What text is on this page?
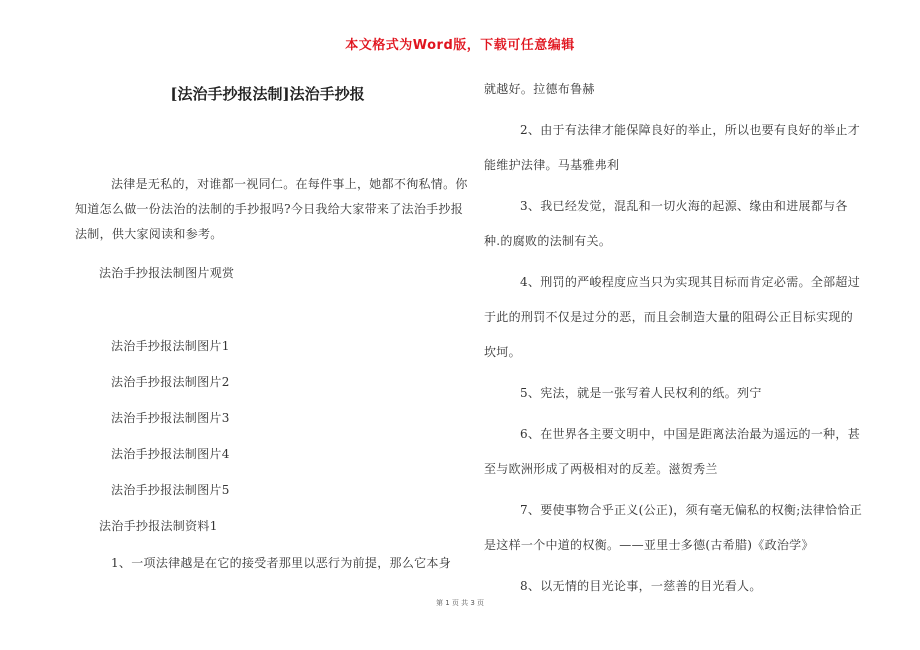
本文格式为Word版，下载可任意编辑
[法治手抄报法制]法治手抄报

法律是无私的，对谁都一视同仁。在每件事上，她都不徇私情。你知道怎么做一份法治的法制的手抄报吗?今日我给大家带来了法治手抄报法制，供大家阅读和参考。

法治手抄报法制图片观赏

法治手抄报法制图片1

法治手抄报法制图片2

法治手抄报法制图片3

法治手抄报法制图片4

法治手抄报法制图片5

法治手抄报法制资料1

1、一项法律越是在它的接受者那里以恶行为前提，那么它本身

就越好。拉德布鲁赫

2、由于有法律才能保障良好的举止，所以也要有良好的举止才能维护法律。马基雅弗利

3、我已经发觉，混乱和一切火海的起源、缘由和进展都与各种.的腐败的法制有关。

4、刑罚的严峻程度应当只为实现其目标而肯定必需。全部超过于此的刑罚不仅是过分的恶，而且会制造大量的阻碍公正目标实现的坎坷。

5、宪法，就是一张写着人民权利的纸。列宁

6、在世界各主要文明中，中国是距离法治最为遥远的一种，甚至与欧洲形成了两极相对的反差。滋贺秀兰

7、要使事物合乎正义(公正)，须有毫无偏私的权衡;法律恰恰正是这样一个中道的权衡。——亚里士多德(古希腊)《政治学》

8、以无情的目光论事，一慈善的目光看人。

第 1 页 共 3 页
